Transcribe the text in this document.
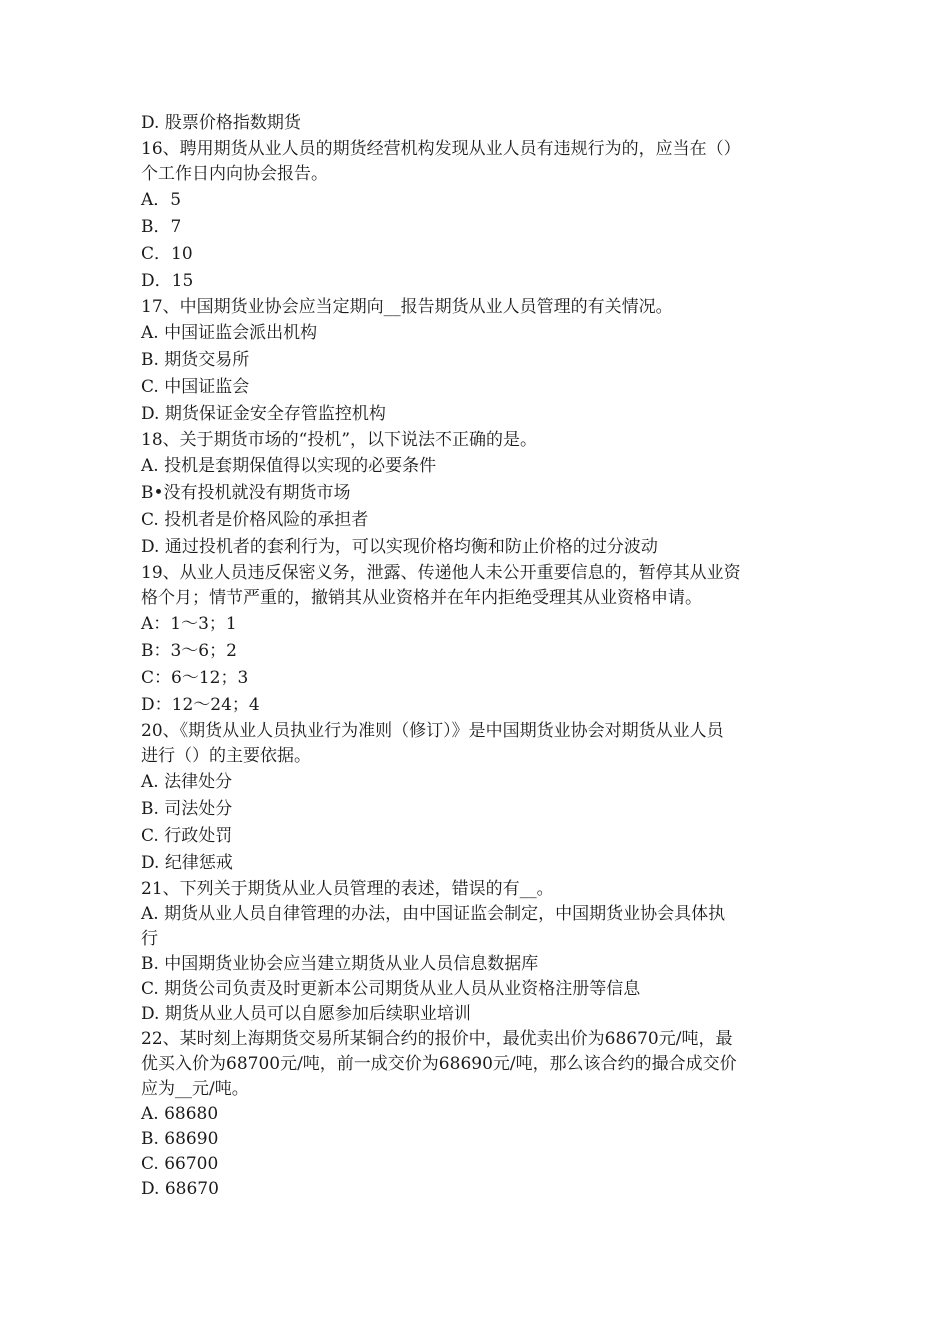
D. 股票价格指数期货
16、聘用期货从业人员的期货经营机构发现从业人员有违规行为的，应当在（）
个工作日内向协会报告。
A．5
B．7
C．10
D．15
17、中国期货业协会应当定期向__报告期货从业人员管理的有关情况。
A. 中国证监会派出机构
B. 期货交易所
C. 中国证监会
D. 期货保证金安全存管监控机构
18、关于期货市场的“投机”，以下说法不正确的是。
A. 投机是套期保值得以实现的必要条件
B•没有投机就没有期货市场
C. 投机者是价格风险的承担者
D. 通过投机者的套利行为，可以实现价格均衡和防止价格的过分波动
19、从业人员违反保密义务，泄露、传递他人未公开重要信息的，暂停其从业资
格个月；情节严重的，撤销其从业资格并在年内拒绝受理其从业资格申请。
A：1〜3；1
B：3〜6；2
C：6〜12；3
D：12〜24；4
20、《期货从业人员执业行为准则（修订）》是中国期货业协会对期货从业人员
进行（）的主要依据。
A. 法律处分
B. 司法处分
C. 行政处罚
D. 纪律惩戒
21、下列关于期货从业人员管理的表述，错误的有__。
A. 期货从业人员自律管理的办法，由中国证监会制定，中国期货业协会具体执
行
B. 中国期货业协会应当建立期货从业人员信息数据库
C. 期货公司负责及时更新本公司期货从业人员从业资格注册等信息
D. 期货从业人员可以自愿参加后续职业培训
22、某时刻上海期货交易所某铜合约的报价中，最优卖出价为68670元/吨，最
优买入价为68700元/吨，前一成交价为68690元/吨，那么该合约的撮合成交价
应为__元/吨。
A. 68680
B. 68690
C. 66700
D. 68670
